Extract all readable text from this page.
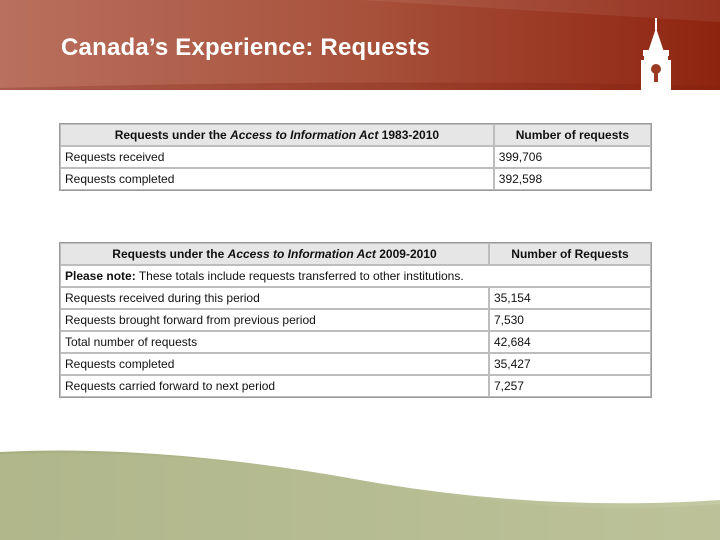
Canada’s Experience: Requests
Requests under the Access to Information Act 1983-2010	Number of requests
Requests received	399,706
Requests completed	392,598
Requests under the Access to Information Act 2009-2010	Number of Requests
Please note: These totals include requests transferred to other institutions.	
Requests received during this period	35,154
Requests brought forward from previous period	7,530
Total number of requests	42,684
Requests completed	35,427
Requests carried forward to next period	7,257
